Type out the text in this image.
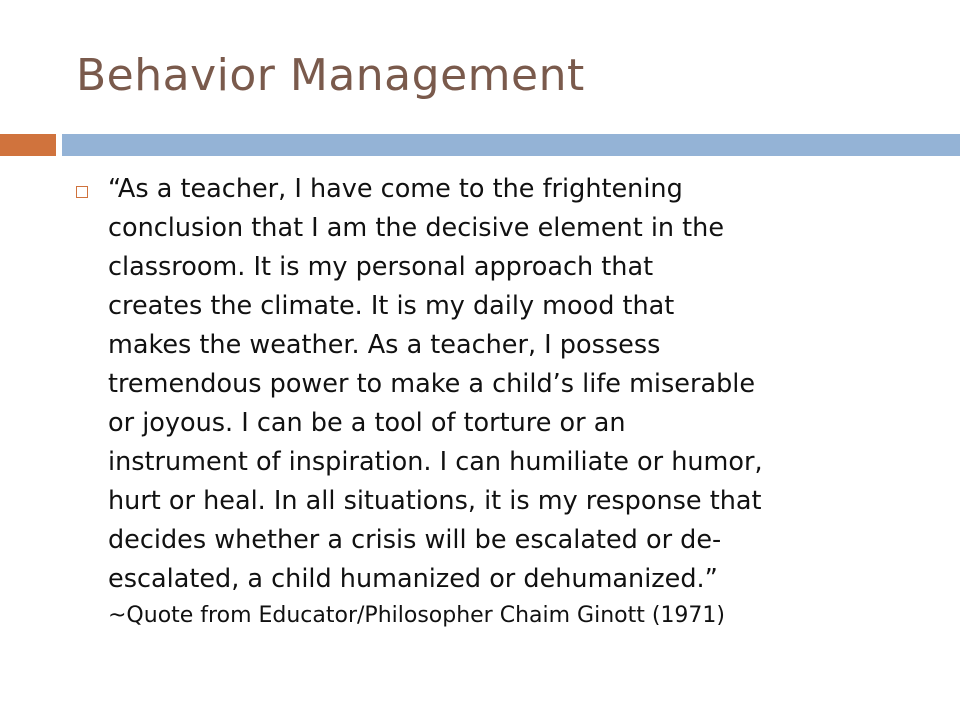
Behavior Management

“As a teacher, I have come to the frightening
conclusion that I am the decisive element in the
classroom. It is my personal approach that
creates the climate. It is my daily mood that
makes the weather. As a teacher, I possess
tremendous power to make a child’s life miserable
or joyous. I can be a tool of torture or an
instrument of inspiration. I can humiliate or humor,
hurt or heal. In all situations, it is my response that
decides whether a crisis will be escalated or de-
escalated, a child humanized or dehumanized.”
~Quote from Educator/Philosopher Chaim Ginott (1971)
